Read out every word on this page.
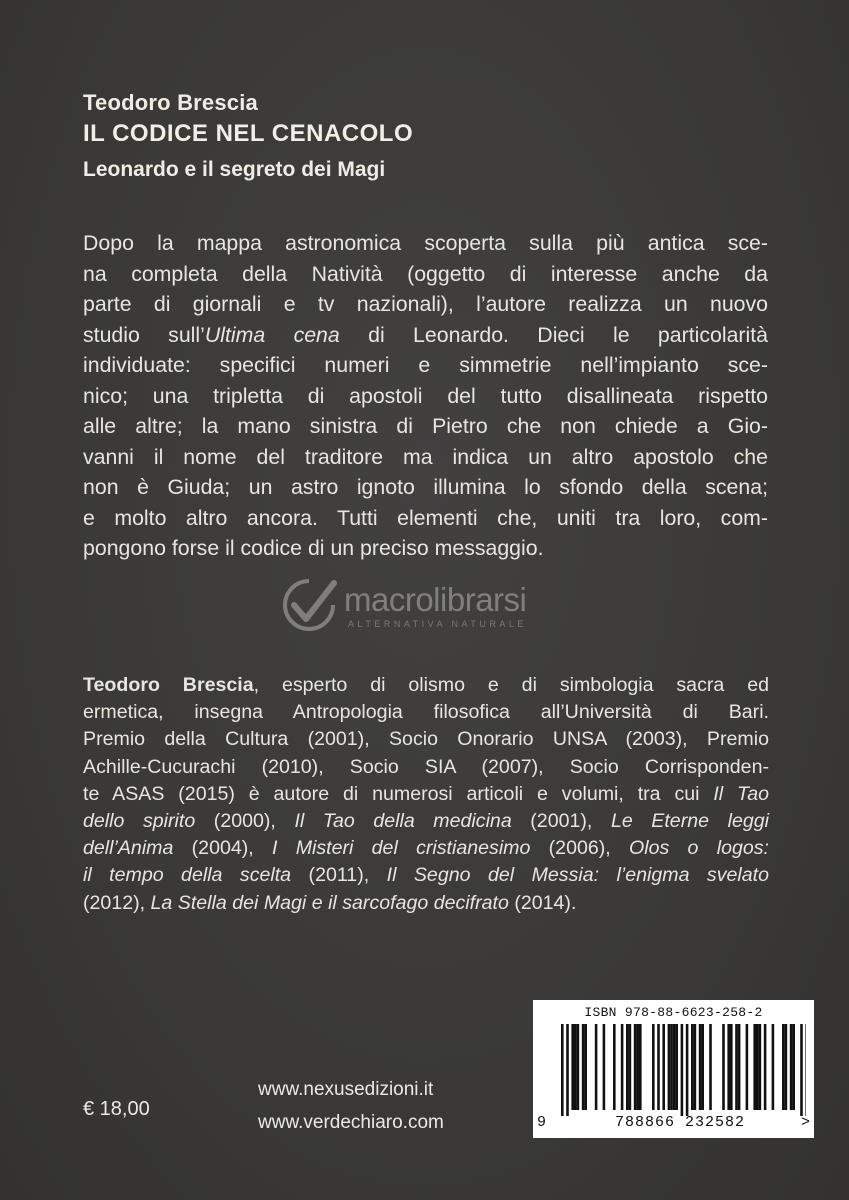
Teodoro Brescia
IL CODICE NEL CENACOLO
Leonardo e il segreto dei Magi
Dopo la mappa astronomica scoperta sulla più antica sce-
na completa della Natività (oggetto di interesse anche da
parte di giornali e tv nazionali), l’autore realizza un nuovo
studio sull’Ultima cena di Leonardo. Dieci le particolarità
individuate: specifici numeri e simmetrie nell’impianto sce-
nico; una tripletta di apostoli del tutto disallineata rispetto
alle altre; la mano sinistra di Pietro che non chiede a Gio-
vanni il nome del traditore ma indica un altro apostolo che
non è Giuda; un astro ignoto illumina lo sfondo della scena;
e molto altro ancora. Tutti elementi che, uniti tra loro, com-
pongono forse il codice di un preciso messaggio.
macrolibrarsi
ALTERNATIVA NATURALE
Teodoro Brescia, esperto di olismo e di simbologia sacra ed
ermetica, insegna Antropologia filosofica all’Università di Bari.
Premio della Cultura (2001), Socio Onorario UNSA (2003), Premio
Achille-Cucurachi (2010), Socio SIA (2007), Socio Corrisponden-
te ASAS (2015) è autore di numerosi articoli e volumi, tra cui Il Tao
dello spirito (2000), Il Tao della medicina (2001), Le Eterne leggi
dell’Anima (2004), I Misteri del cristianesimo (2006), Olos o logos:
il tempo della scelta (2011), Il Segno del Messia: l’enigma svelato
(2012), La Stella dei Magi e il sarcofago decifrato (2014).
€ 18,00
www.nexusedizioni.it
www.verdechiaro.com
ISBN 978-88-6623-258-2
9	788866 232582	>
